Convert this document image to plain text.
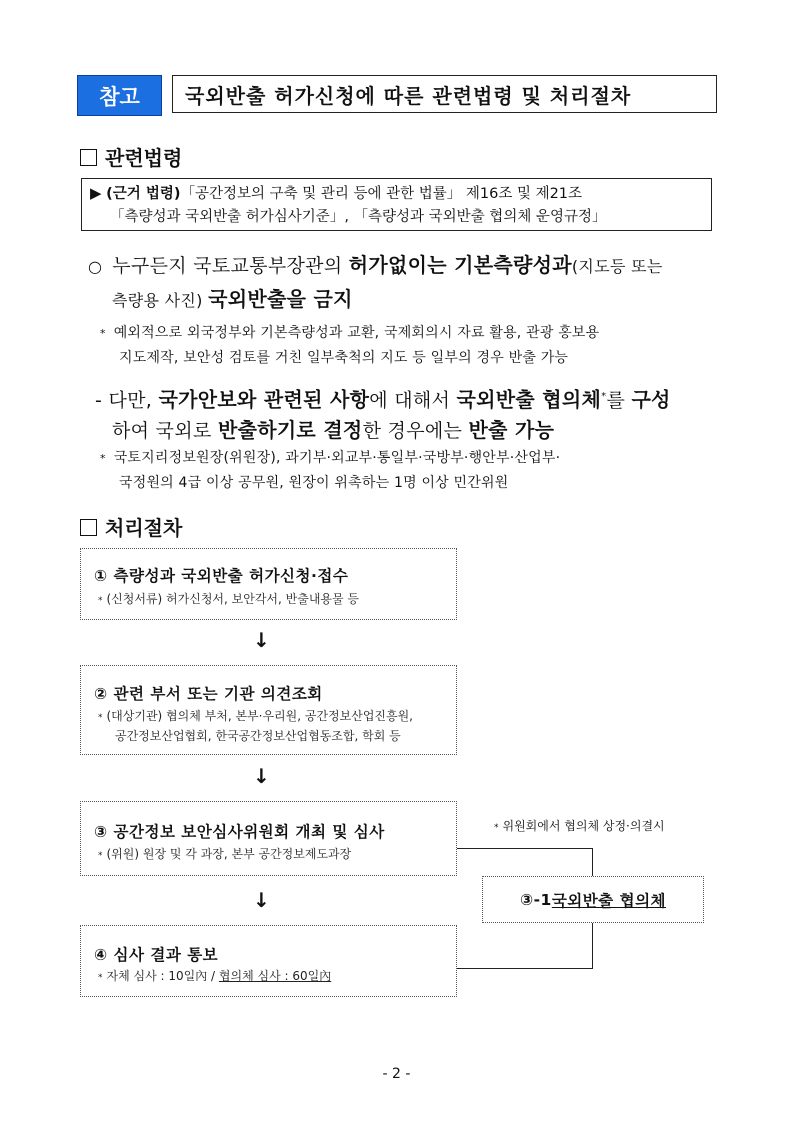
참고 국외반출 허가신청에 따른 관련법령 및 처리절차
관련법령
▶ (근거 법령)「공간정보의 구축 및 관리 등에 관한 법률」 제16조 및 제21조
「측량성과 국외반출 허가심사기준」, 「측량성과 국외반출 협의체 운영규정」
○ 누구든지 국토교통부장관의 허가없이는 기본측량성과(지도등 또는
측량용 사진) 국외반출을 금지
* 예외적으로 외국정부와 기본측량성과 교환, 국제회의시 자료 활용, 관광 홍보용
지도제작, 보안성 검토를 거친 일부축척의 지도 등 일부의 경우 반출 가능
- 다만, 국가안보와 관련된 사항에 대해서 국외반출 협의체*를 구성
하여 국외로 반출하기로 결정한 경우에는 반출 가능
* 국토지리정보원장(위원장), 과기부·외교부·통일부·국방부·행안부·산업부·
국정원의 4급 이상 공무원, 원장이 위촉하는 1명 이상 민간위원
처리절차
① 측량성과 국외반출 허가신청·접수
* (신청서류) 허가신청서, 보안각서, 반출내용물 등
↓
② 관련 부서 또는 기관 의견조회
* (대상기관) 협의체 부처, 본부·우리원, 공간정보산업진흥원,
공간정보산업협회, 한국공간정보산업협동조합, 학회 등
↓
③ 공간정보 보안심사위원회 개최 및 심사
* (위원) 원장 및 각 과장, 본부 공간정보제도과장
* 위원회에서 협의체 상정·의결시
↓	③-1 국외반출 협의체
④ 심사 결과 통보
* 자체 심사 : 10일內 / 협의체 심사 : 60일內
- 2 -
